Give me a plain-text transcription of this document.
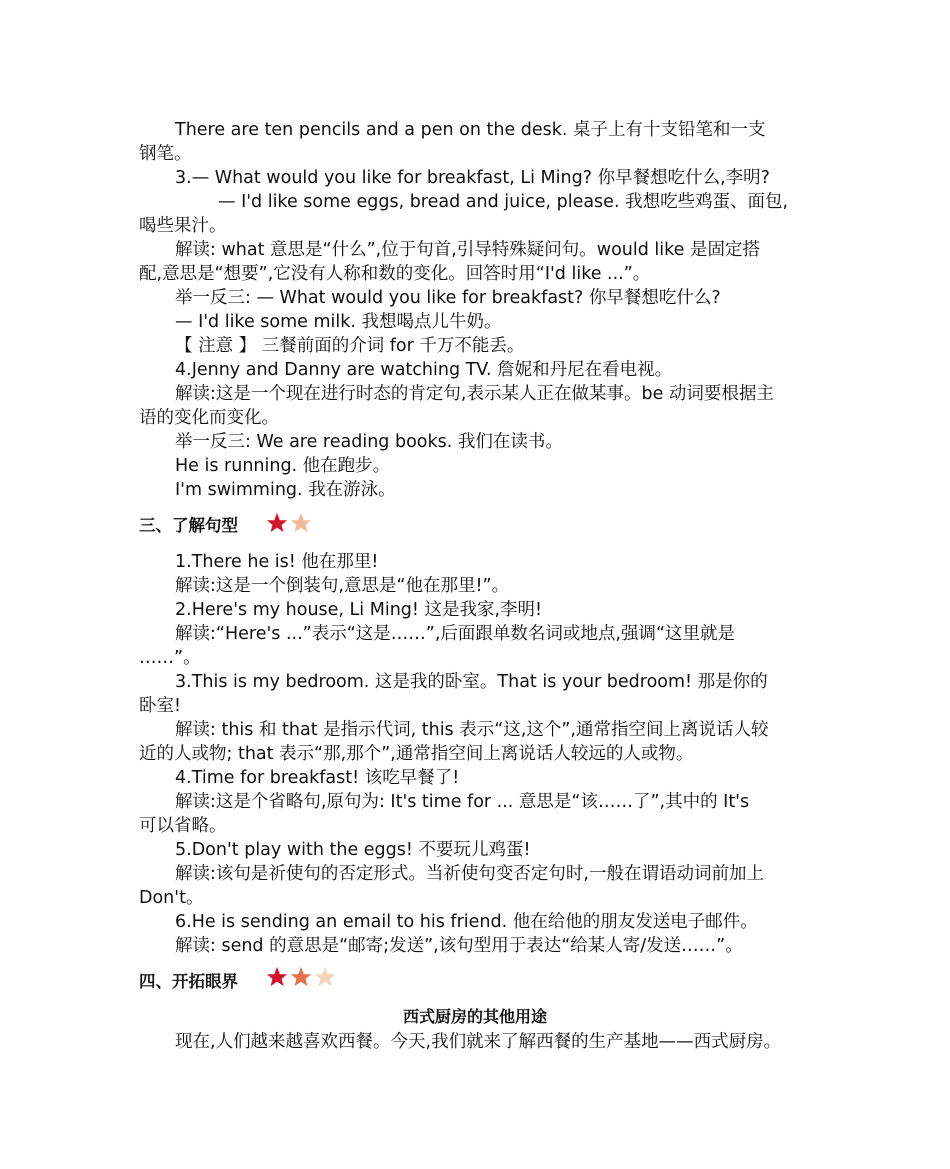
There are ten pencils and a pen on the desk. 桌子上有十支铅笔和一支
钢笔。
3.— What would you like for breakfast, Li Ming? 你早餐想吃什么,李明?
— I'd like some eggs, bread and juice, please. 我想吃些鸡蛋、面包,
喝些果汁。
解读: what 意思是“什么”,位于句首,引导特殊疑问句。would like 是固定搭
配,意思是“想要”,它没有人称和数的变化。回答时用“I'd like ...”。
举一反三: — What would you like for breakfast? 你早餐想吃什么?
— I'd like some milk. 我想喝点儿牛奶。
【 注意 】 三餐前面的介词 for 千万不能丢。
4.Jenny and Danny are watching TV. 詹妮和丹尼在看电视。
解读:这是一个现在进行时态的肯定句,表示某人正在做某事。be 动词要根据主
语的变化而变化。
举一反三: We are reading books. 我们在读书。
He is running. 他在跑步。
I'm swimming. 我在游泳。
三、了解句型
1.There he is! 他在那里!
解读:这是一个倒装句,意思是“他在那里!”。
2.Here's my house, Li Ming! 这是我家,李明!
解读:“Here's ...”表示“这是……”,后面跟单数名词或地点,强调“这里就是
……”。
3.This is my bedroom. 这是我的卧室。That is your bedroom! 那是你的
卧室!
解读: this 和 that 是指示代词, this 表示“这,这个”,通常指空间上离说话人较
近的人或物; that 表示“那,那个”,通常指空间上离说话人较远的人或物。
4.Time for breakfast! 该吃早餐了!
解读:这是个省略句,原句为: It's time for ... 意思是“该……了”,其中的 It's
可以省略。
5.Don't play with the eggs! 不要玩儿鸡蛋!
解读:该句是祈使句的否定形式。当祈使句变否定句时,一般在谓语动词前加上
Don't。
6.He is sending an email to his friend. 他在给他的朋友发送电子邮件。
解读: send 的意思是“邮寄;发送”,该句型用于表达“给某人寄/发送……”。
四、开拓眼界
西式厨房的其他用途
现在,人们越来越喜欢西餐。今天,我们就来了解西餐的生产基地——西式厨房。
